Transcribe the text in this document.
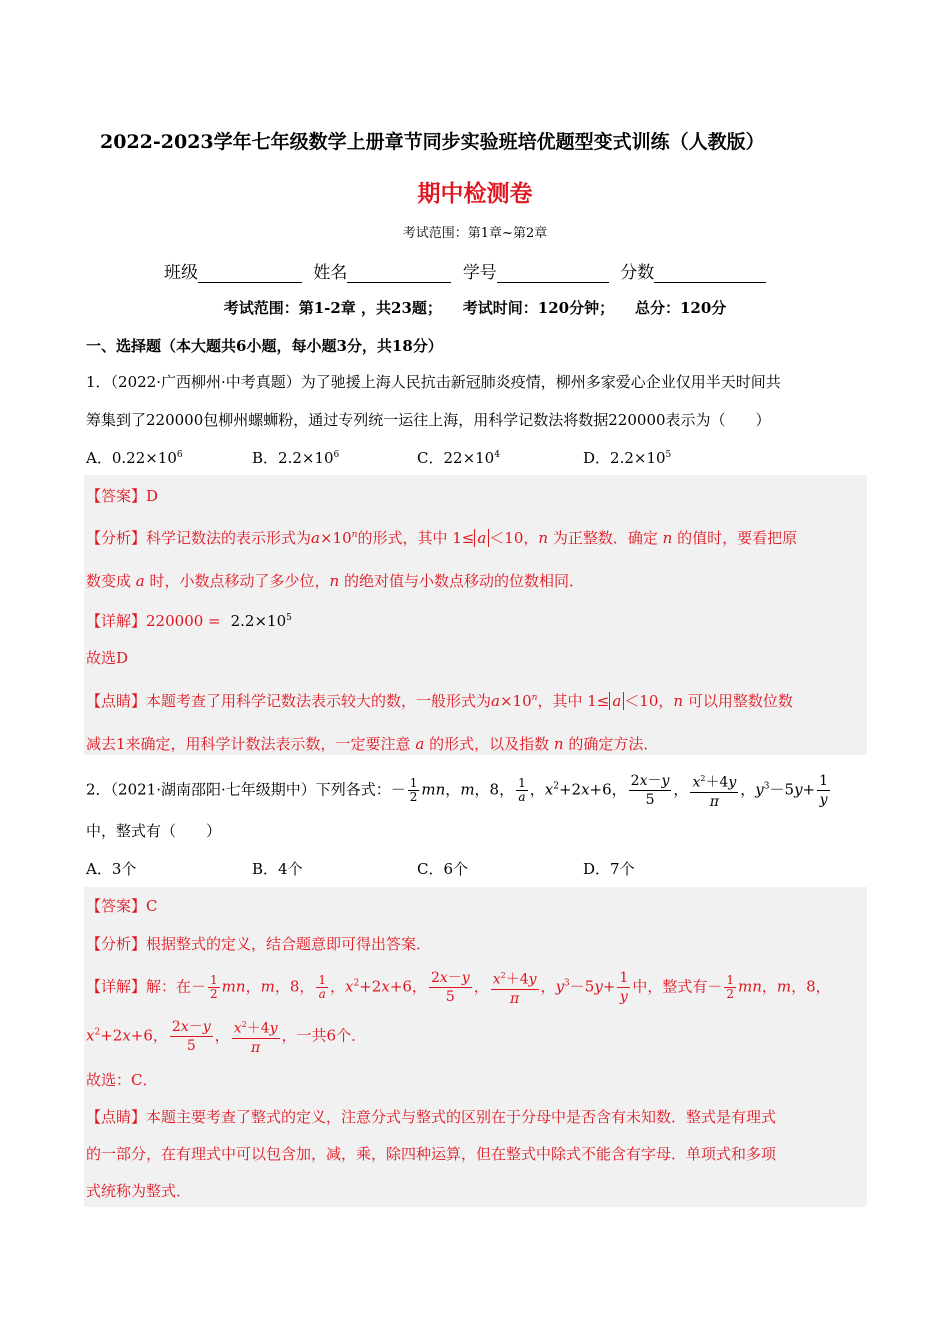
2022-2023学年七年级数学上册章节同步实验班培优题型变式训练（人教版）
期中检测卷
考试范围：第1章~第2章
班级	姓名	学号	分数
考试范围：第1-2章 ，共23题；    考试时间：120分钟；    总分：120分
一、选择题（本大题共6小题，每小题3分，共18分）
1．（2022·广西柳州·中考真题）为了驰援上海人民抗击新冠肺炎疫情，柳州多家爱心企业仅用半天时间共
筹集到了220000包柳州螺蛳粉，通过专列统一运往上海，用科学记数法将数据220000表示为（　　）
A．$0.22\times 10^6$	B．$2.2\times 10^6$	C．$22\times 10^4$	D．$2.2\times 10^5$
【答案】D
【分析】科学记数法的表示形式为$a\times 10^n$的形式，其中 1≤ a ＜10，n 为正整数．确定 n 的值时，要看把原
数变成 a 时，小数点移动了多少位，n 的绝对值与小数点移动的位数相同．
【详解】$220000 = 2.2\times 10^5$
故选D
【点睛】本题考查了用科学记数法表示较大的数，一般形式为$a\times 10^n$，其中 1≤ a ＜10，n 可以用整数位数
减去1来确定，用科学计数法表示数，一定要注意 a 的形式，以及指数 n 的确定方法．
2．（2021·湖南邵阳·七年级期中）下列各式：－ $\frac{1}{2}$ mn，m，8， $\frac{1}{a}$ ，$x^2+2x+6$， $\frac{2x-y}{5}$ ， $\frac{x^2+4y}{\pi}$ ，$y^3-5y+ \frac{1}{y}$
中，整式有（　　）
A．3个	B．4个	C．6个	D．7个
【答案】C
【分析】根据整式的定义，结合题意即可得出答案．
【详解】解：在－ $\frac{1}{2}$ mn，m，8， $\frac{1}{a}$ ，$x^2+2x+6$， $\frac{2x-y}{5}$ ， $\frac{x^2+4y}{\pi}$ ，$y^3-5y+ \frac{1}{y}$ 中，整式有－ $\frac{1}{2}$ mn，m，8，
$x^2+2x+6$， $\frac{2x-y}{5}$ ， $\frac{x^2+4y}{\pi}$ ，一共6个．
故选：C．
【点睛】本题主要考查了整式的定义，注意分式与整式的区别在于分母中是否含有未知数．整式是有理式
的一部分，在有理式中可以包含加，减，乘，除四种运算，但在整式中除式不能含有字母．单项式和多项
式统称为整式．
